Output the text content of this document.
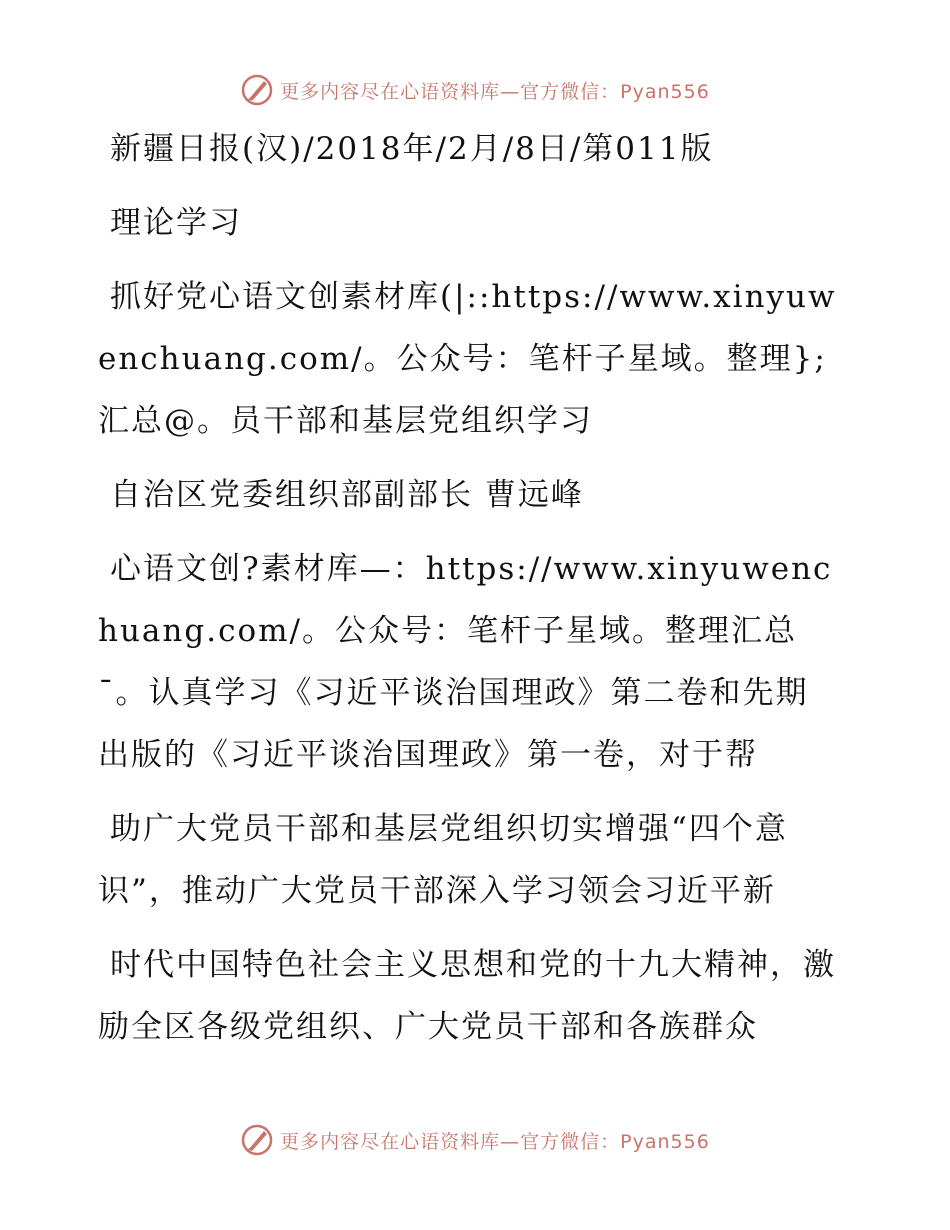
更多内容尽在心语资料库—官方微信：Pyan556

新疆日报(汉)/2018年/2月/8日/第011版

理论学习

抓好党心语文创素材库(|::https://www.xinyuwenchuang.com/。公众号：笔杆子星域。整理};汇总@。员干部和基层党组织学习

自治区党委组织部副部长 曹远峰

心语文创?素材库—：https://www.xinyuwenchuang.com/。公众号：笔杆子星域。整理汇总¯。认真学习《习近平谈治国理政》第二卷和先期出版的《习近平谈治国理政》第一卷，对于帮

助广大党员干部和基层党组织切实增强“四个意识”，推动广大党员干部深入学习领会习近平新

时代中国特色社会主义思想和党的十九大精神，激励全区各级党组织、广大党员干部和各族群众

更多内容尽在心语资料库—官方微信：Pyan556
